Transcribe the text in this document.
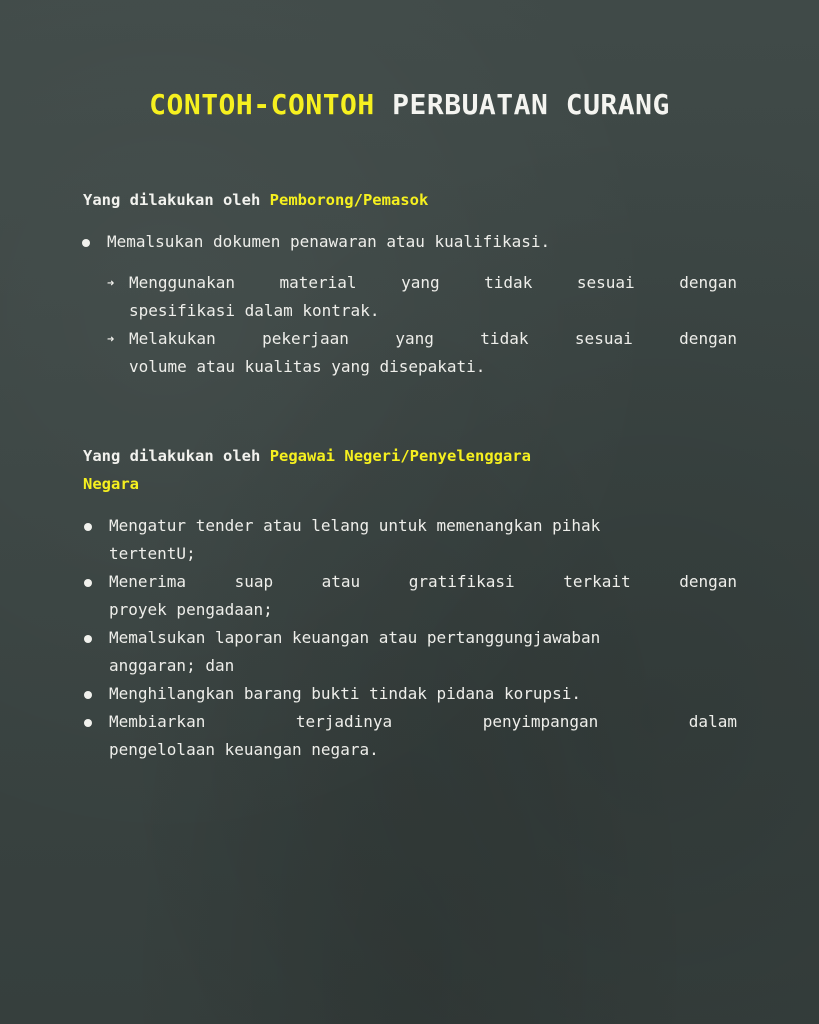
CONTOH-CONTOH PERBUATAN CURANG
Yang dilakukan oleh Pemborong/Pemasok
Memalsukan dokumen penawaran atau kualifikasi.
➜ Menggunakan	material	yang	tidak	sesuai	dengan
spesifikasi dalam kontrak.
➜ Melakukan	pekerjaan	yang	tidak	sesuai	dengan
volume atau kualitas yang disepakati.
Yang dilakukan oleh Pegawai Negeri/Penyelenggara
Negara
Mengatur tender atau lelang untuk memenangkan pihak
tertentU;
Menerima	suap	atau	gratifikasi	terkait	dengan
proyek pengadaan;
Memalsukan laporan keuangan atau pertanggungjawaban
anggaran; dan
Menghilangkan barang bukti tindak pidana korupsi.
Membiarkan	terjadinya	penyimpangan	dalam
pengelolaan keuangan negara.
